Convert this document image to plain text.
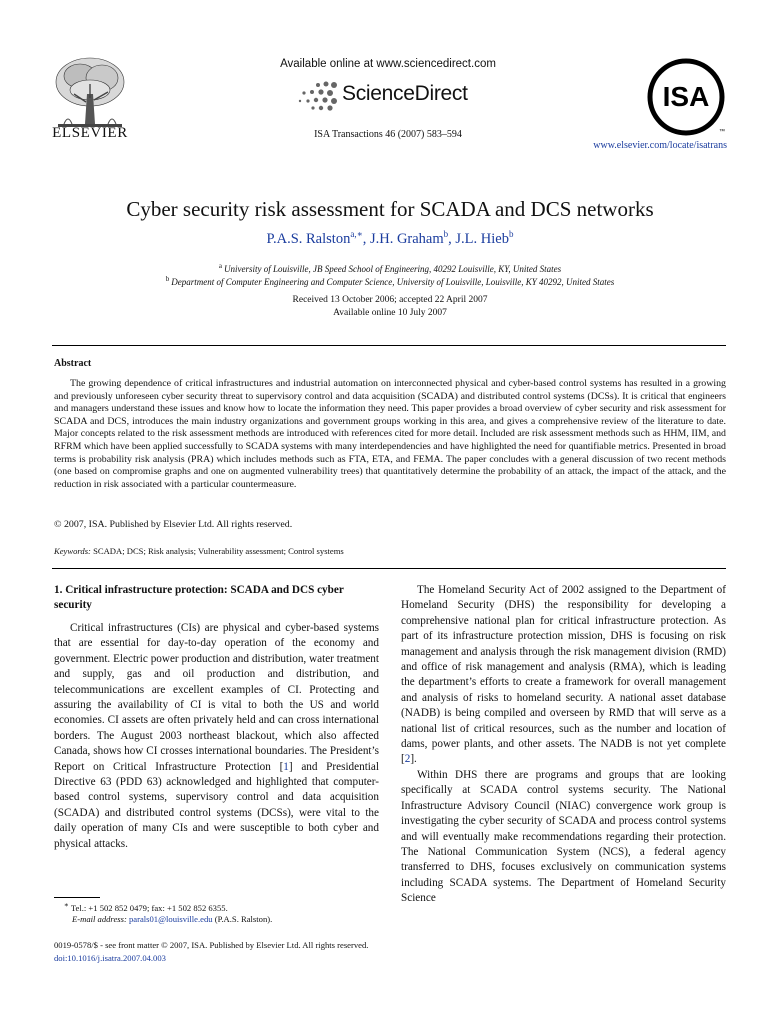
ELSEVIER
Available online at www.sciencedirect.com
ScienceDirect
ISA Transactions 46 (2007) 583–594
ISA
™
www.elsevier.com/locate/isatrans
Cyber security risk assessment for SCADA and DCS networks
P.A.S. Ralston$^{a,∗}$, J.H. Graham$^b$, J.L. Hieb$^b$
$^a$ University of Louisville, JB Speed School of Engineering, 40292 Louisville, KY, United States
$^b$ Department of Computer Engineering and Computer Science, University of Louisville, Louisville, KY 40292, United States
Received 13 October 2006; accepted 22 April 2007
Available online 10 July 2007
Abstract
The growing dependence of critical infrastructures and industrial automation on interconnected physical and cyber-based control systems has resulted in a growing and previously unforeseen cyber security threat to supervisory control and data acquisition (SCADA) and distributed control systems (DCSs). It is critical that engineers and managers understand these issues and know how to locate the information they need. This paper provides a broad overview of cyber security and risk assessment for SCADA and DCS, introduces the main industry organizations and government groups working in this area, and gives a comprehensive review of the literature to date. Major concepts related to the risk assessment methods are introduced with references cited for more detail. Included are risk assessment methods such as HHM, IIM, and RFRM which have been applied successfully to SCADA systems with many interdependencies and have highlighted the need for quantifiable metrics. Presented in broad terms is probability risk analysis (PRA) which includes methods such as FTA, ETA, and FEMA. The paper concludes with a general discussion of two recent methods (one based on compromise graphs and one on augmented vulnerability trees) that quantitatively determine the probability of an attack, the impact of the attack, and the reduction in risk associated with a particular countermeasure.
© 2007, ISA. Published by Elsevier Ltd. All rights reserved.
Keywords: SCADA; DCS; Risk analysis; Vulnerability assessment; Control systems
1. Critical infrastructure protection: SCADA and DCS cyber security

Critical infrastructures (CIs) are physical and cyber-based systems that are essential for day-to-day operation of the economy and government. Electric power production and distribution, water treatment and supply, gas and oil production and distribution, and telecommunications are excellent examples of CI. Protecting and assuring the availability of CI is vital to both the US and world economies. CI assets are often privately held and can cross international borders. The August 2003 northeast blackout, which also affected Canada, shows how CI crosses international boundaries. The President’s Report on Critical Infrastructure Protection [1] and Presidential Directive 63 (PDD 63) acknowledged and highlighted that computer-based control systems, supervisory control and data acquisition (SCADA) and distributed control systems (DCSs), were vital to the daily operation of many CIs and were susceptible to both cyber and physical attacks.

The Homeland Security Act of 2002 assigned to the Department of Homeland Security (DHS) the responsibility for developing a comprehensive national plan for critical infrastructure protection. As part of its infrastructure protection mission, DHS is focusing on risk management and analysis through the risk management division (RMD) and office of risk management and analysis (RMA), which is leading the department’s efforts to create a framework for overall management and analysis of risks to homeland security. A national asset database (NADB) is being compiled and overseen by RMD that will serve as a national list of critical resources, such as the number and location of dams, power plants, and other assets. The NADB is not yet complete [2].

Within DHS there are programs and groups that are looking specifically at SCADA control systems security. The National Infrastructure Advisory Council (NIAC) convergence work group is investigating the cyber security of SCADA and process control systems and will eventually make recommendations regarding their protection. The National Communication System (NCS), a federal agency transferred to DHS, focuses exclusively on communication systems including SCADA systems. The Department of Homeland Security Science

∗ Tel.: +1 502 852 0479; fax: +1 502 852 6355.
E-mail address: parals01@louisville.edu (P.A.S. Ralston).
0019-0578/$ - see front matter © 2007, ISA. Published by Elsevier Ltd. All rights reserved.
doi:10.1016/j.isatra.2007.04.003
